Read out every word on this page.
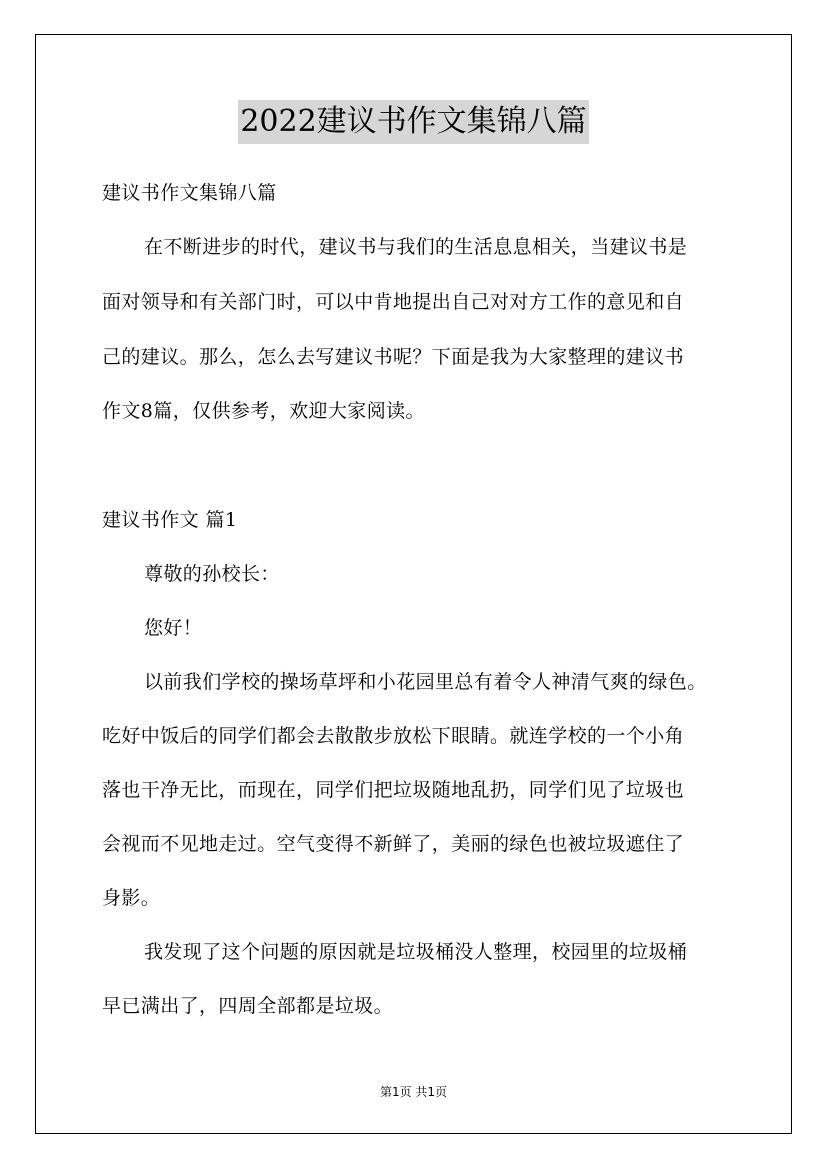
2022建议书作文集锦八篇
建议书作文集锦八篇
在不断进步的时代，建议书与我们的生活息息相关，当建议书是
面对领导和有关部门时，可以中肯地提出自己对对方工作的意见和自
己的建议。那么，怎么去写建议书呢？下面是我为大家整理的建议书
作文8篇，仅供参考，欢迎大家阅读。
建议书作文 篇1
尊敬的孙校长：
您好！
以前我们学校的操场草坪和小花园里总有着令人神清气爽的绿色。
吃好中饭后的同学们都会去散散步放松下眼睛。就连学校的一个小角
落也干净无比，而现在，同学们把垃圾随地乱扔，同学们见了垃圾也
会视而不见地走过。空气变得不新鲜了，美丽的绿色也被垃圾遮住了
身影。
我发现了这个问题的原因就是垃圾桶没人整理，校园里的垃圾桶
早已满出了，四周全部都是垃圾。
第1页 共1页
